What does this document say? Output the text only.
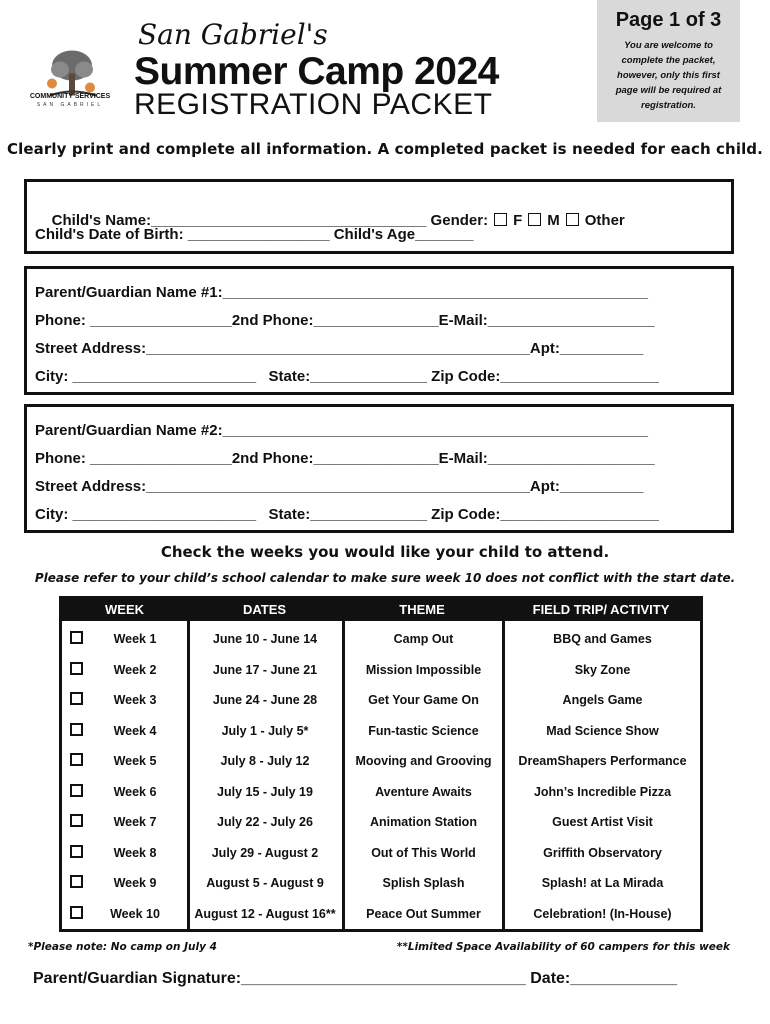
COMMUNITY SERVICES
SAN GABRIEL
San Gabriel's
Summer Camp 2024
REGISTRATION PACKET
Page 1 of 3
You are welcome to complete the packet, however, only this first page will be required at registration.
Clearly print and complete all information. A completed packet is needed for each child.

Child's Name:_________________________________ Gender: F M Other

Child's Date of Birth: _________________ Child's Age_______
Parent/Guardian Name #1:___________________________________________________
Phone: _________________2nd Phone:_______________E-Mail:____________________
Street Address:______________________________________________Apt:__________
City: ______________________   State:______________ Zip Code:___________________
Parent/Guardian Name #2:___________________________________________________
Phone: _________________2nd Phone:_______________E-Mail:____________________
Street Address:______________________________________________Apt:__________
City: ______________________   State:______________ Zip Code:___________________
Check the weeks you would like your child to attend.
Please refer to your child’s school calendar to make sure week 10 does not conflict with the start date.
WEEK	DATES	THEME	FIELD TRIP/ ACTIVITY
Week 1	June 10 - June 14	Camp Out	BBQ and Games
Week 2	June 17 - June 21	Mission Impossible	Sky Zone
Week 3	June 24 - June 28	Get Your Game On	Angels Game
Week 4	July 1 - July 5*	Fun-tastic Science	Mad Science Show
Week 5	July 8 - July 12	Mooving and Grooving	DreamShapers Performance
Week 6	July 15 - July 19	Aventure Awaits	John’s Incredible Pizza
Week 7	July 22 - July 26	Animation Station	Guest Artist Visit
Week 8	July 29 - August 2	Out of This World	Griffith Observatory
Week 9	August 5 - August 9	Splish Splash	Splash! at La Mirada
Week 10	August 12 - August 16**	Peace Out Summer	Celebration! (In-House)
*Please note: No camp on July 4	**Limited Space Availability of 60 campers for this week
Parent/Guardian Signature:________________________________ Date:____________
